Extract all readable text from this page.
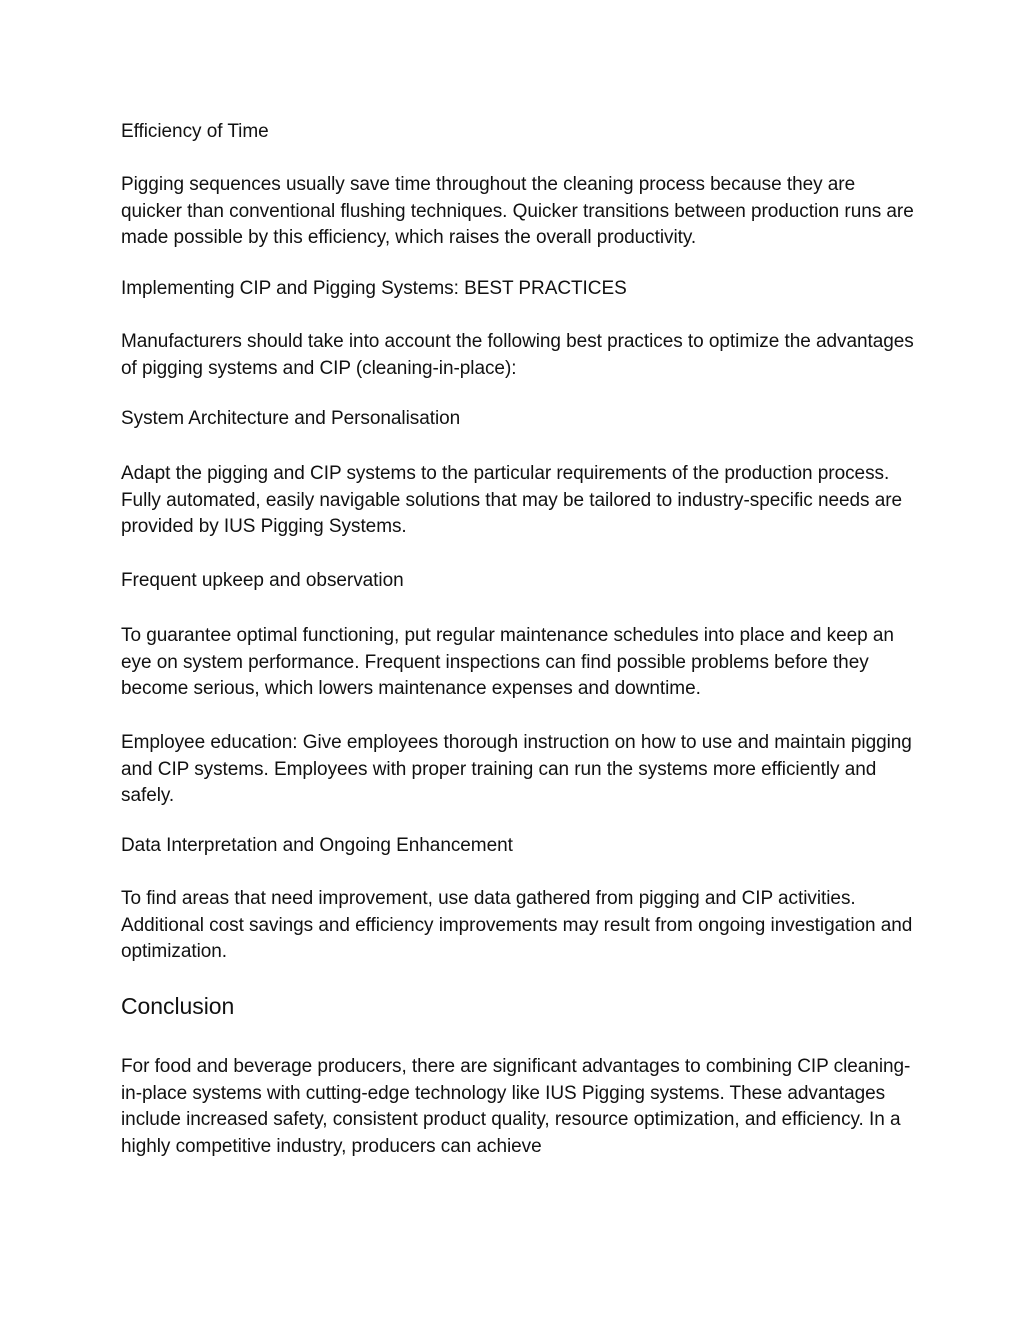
Efficiency of Time

Pigging sequences usually save time throughout the cleaning process because they are quicker than conventional flushing techniques. Quicker transitions between production runs are made possible by this efficiency, which raises the overall productivity.

Implementing CIP and Pigging Systems: BEST PRACTICES

Manufacturers should take into account the following best practices to optimize the advantages of pigging systems and CIP (cleaning-in-place):

System Architecture and Personalisation

Adapt the pigging and CIP systems to the particular requirements of the production process. Fully automated, easily navigable solutions that may be tailored to industry-specific needs are provided by IUS Pigging Systems.

Frequent upkeep and observation

To guarantee optimal functioning, put regular maintenance schedules into place and keep an eye on system performance. Frequent inspections can find possible problems before they become serious, which lowers maintenance expenses and downtime.

Employee education: Give employees thorough instruction on how to use and maintain pigging and CIP systems. Employees with proper training can run the systems more efficiently and safely.

Data Interpretation and Ongoing Enhancement

To find areas that need improvement, use data gathered from pigging and CIP activities. Additional cost savings and efficiency improvements may result from ongoing investigation and optimization.

Conclusion

For food and beverage producers, there are significant advantages to combining CIP cleaning-in-place systems with cutting-edge technology like IUS Pigging systems. These advantages include increased safety, consistent product quality, resource optimization, and efficiency. In a highly competitive industry, producers can achieve
